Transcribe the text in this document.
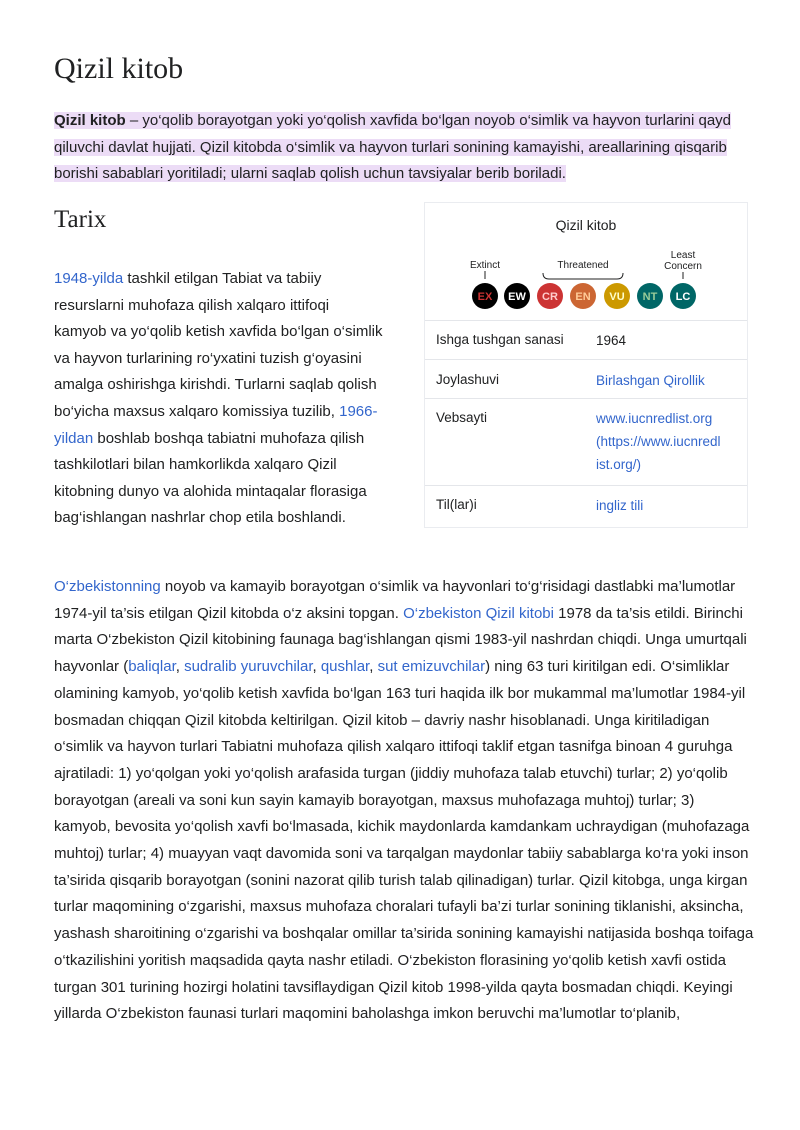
Qizil kitob

Qizil kitob – yo‘qolib borayotgan yoki yo‘qolish xavfida bo‘lgan noyob o‘simlik va hayvon turlarini qayd qiluvchi davlat hujjati. Qizil kitobda o‘simlik va hayvon turlari sonining kamayishi, areallarining qisqarib borishi sabablari yoritiladi; ularni saqlab qolish uchun tavsiyalar berib boriladi.

Tarix

1948-yilda tashkil etilgan Tabiat va tabiiy resurslarni muhofaza qilish xalqaro ittifoqi kamyob va yo‘qolib ketish xavfida bo‘lgan o‘simlik va hayvon turlarining ro‘yxatini tuzish g‘oyasini amalga oshirishga kirishdi. Turlarni saqlab qolish bo‘yicha maxsus xalqaro komissiya tuzilib, 1966-yildan boshlab boshqa tabiatni muhofaza qilish tashkilotlari bilan hamkorlikda xalqaro Qizil kitobning dunyo va alohida mintaqalar florasiga bag‘ishlangan nashrlar chop etila boshlandi.

Qizil kitob
Extinct	Threatened
Least
Concern
EX EW CR EN VU NT LC
Ishga tushgan sanasi 1964
Joylashuvi	Birlashgan Qirollik
Vebsayti	www.iucnredlist.org (https://www.iucnredl ist.org/)
Til(lar)i	ingliz tili

O‘zbekistonning noyob va kamayib borayotgan o‘simlik va hayvonlari to‘g‘risidagi dastlabki ma’lumotlar 1974-yil ta’sis etilgan Qizil kitobda o‘z aksini topgan. O‘zbekiston Qizil kitobi 1978 da ta’sis etildi. Birinchi marta O‘zbekiston Qizil kitobining faunaga bag‘ishlangan qismi 1983-yil nashrdan chiqdi. Unga umurtqali hayvonlar (baliqlar, sudralib yuruvchilar, qushlar, sut emizuvchilar) ning 63 turi kiritilgan edi. O‘simliklar olamining kamyob, yo‘qolib ketish xavfida bo‘lgan 163 turi haqida ilk bor mukammal ma’lumotlar 1984-yil bosmadan chiqqan Qizil kitobda keltirilgan. Qizil kitob – davriy nashr hisoblanadi. Unga kiritiladigan o‘simlik va hayvon turlari Tabiatni muhofaza qilish xalqaro ittifoqi taklif etgan tasnifga binoan 4 guruhga ajratiladi: 1) yo‘qolgan yoki yo‘qolish arafasida turgan (jiddiy muhofaza talab etuvchi) turlar; 2) yo‘qolib borayotgan (areali va soni kun sayin kamayib borayotgan, maxsus muhofazaga muhtoj) turlar; 3) kamyob, bevosita yo‘qolish xavfi bo‘lmasada, kichik maydonlarda kamdankam uchraydigan (muhofazaga muhtoj) turlar; 4) muayyan vaqt davomida soni va tarqalgan maydonlar tabiiy sabablarga ko‘ra yoki inson ta’sirida qisqarib borayotgan (sonini nazorat qilib turish talab qilinadigan) turlar. Qizil kitobga, unga kirgan turlar maqomining o‘zgarishi, maxsus muhofaza choralari tufayli ba’zi turlar sonining tiklanishi, aksincha, yashash sharoitining o‘zgarishi va boshqalar omillar ta’sirida sonining kamayishi natijasida boshqa toifaga o‘tkazilishini yoritish maqsadida qayta nashr etiladi. O‘zbekiston florasining yo‘qolib ketish xavfi ostida turgan 301 turining hozirgi holatini tavsiflaydigan Qizil kitob 1998-yilda qayta bosmadan chiqdi. Keyingi yillarda O‘zbekiston faunasi turlari maqomini baholashga imkon beruvchi ma’lumotlar to‘planib,
